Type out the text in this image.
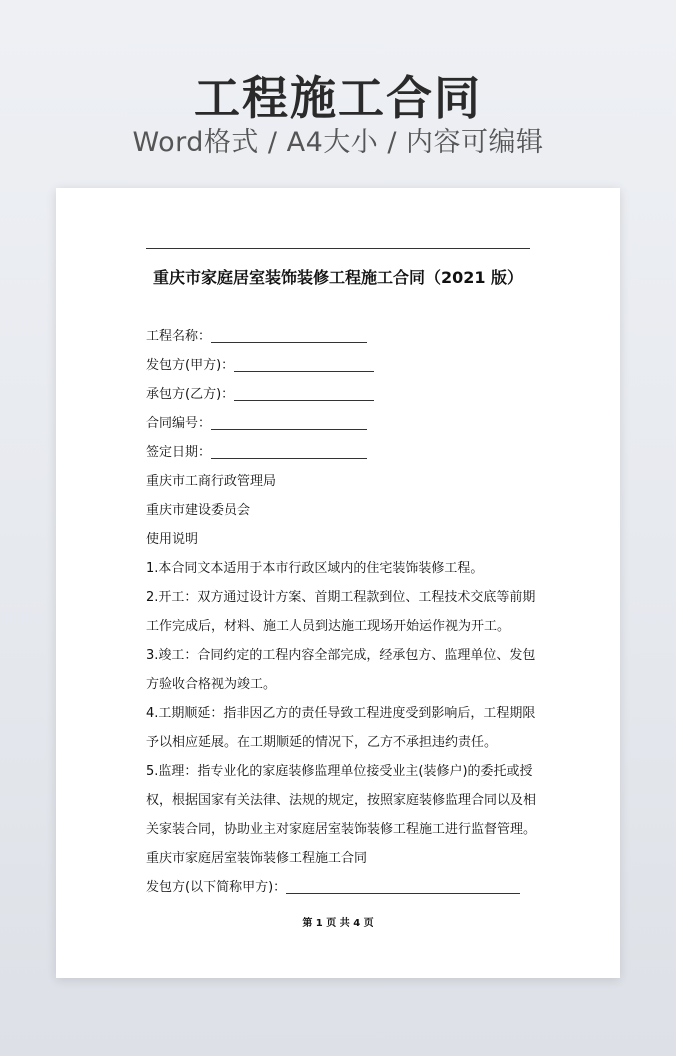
工程施工合同
Word格式 / A4大小 / 内容可编辑
重庆市家庭居室装饰装修工程施工合同（2021 版）
工程名称：
发包方(甲方)：
承包方(乙方)：
合同编号：
签定日期：
重庆市工商行政管理局
重庆市建设委员会
使用说明
1.本合同文本适用于本市行政区域内的住宅装饰装修工程。
2.开工：双方通过设计方案、首期工程款到位、工程技术交底等前期
工作完成后，材料、施工人员到达施工现场开始运作视为开工。
3.竣工：合同约定的工程内容全部完成，经承包方、监理单位、发包
方验收合格视为竣工。
4.工期顺延：指非因乙方的责任导致工程进度受到影响后，工程期限
予以相应延展。在工期顺延的情况下，乙方不承担违约责任。
5.监理：指专业化的家庭装修监理单位接受业主(装修户)的委托或授
权，根据国家有关法律、法规的规定，按照家庭装修监理合同以及相
关家装合同，协助业主对家庭居室装饰装修工程施工进行监督管理。
重庆市家庭居室装饰装修工程施工合同
发包方(以下简称甲方)：
第 1 页 共 4 页
